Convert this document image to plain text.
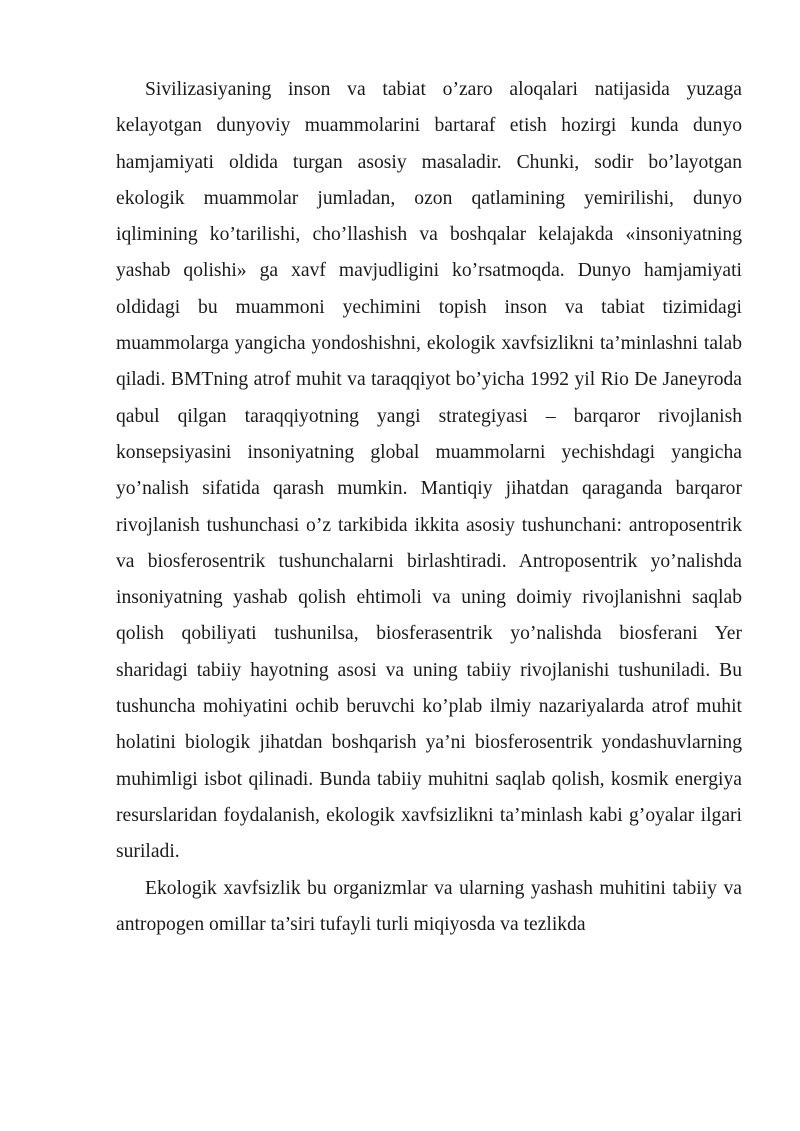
Sivilizasiyaning inson va tabiat o’zaro aloqalari natijasida yuzaga kelayotgan dunyoviy muammolarini bartaraf etish hozirgi kunda dunyo hamjamiyati oldida turgan asosiy masaladir. Chunki, sodir bo’layotgan ekologik muammolar jumladan, ozon qatlamining yemirilishi, dunyo iqlimining ko’tarilishi, cho’llashish va boshqalar kelajakda «insoniyatning yashab qolishi» ga xavf mavjudligini ko’rsatmoqda. Dunyo hamjamiyati oldidagi bu muammoni yechimini topish inson va tabiat tizimidagi muammolarga yangicha yondoshishni, ekologik xavfsizlikni ta’minlashni talab qiladi. BMTning atrof muhit va taraqqiyot bo’yicha 1992 yil Rio De Janeyroda qabul qilgan taraqqiyotning yangi strategiyasi – barqaror rivojlanish konsepsiyasini insoniyatning global muammolarni yechishdagi yangicha yo’nalish sifatida qarash mumkin. Mantiqiy jihatdan qaraganda barqaror rivojlanish tushunchasi o’z tarkibida ikkita asosiy tushunchani: antroposentrik va biosferosentrik tushunchalarni birlashtiradi. Antroposentrik yo’nalishda insoniyatning yashab qolish ehtimoli va uning doimiy rivojlanishni saqlab qolish qobiliyati tushunilsa, biosferasentrik yo’nalishda biosferani Yer sharidagi tabiiy hayotning asosi va uning tabiiy rivojlanishi tushuniladi. Bu tushuncha mohiyatini ochib beruvchi ko’plab ilmiy nazariyalarda atrof muhit holatini biologik jihatdan boshqarish ya’ni biosferosentrik yondashuvlarning muhimligi isbot qilinadi. Bunda tabiiy muhitni saqlab qolish, kosmik energiya resurslaridan foydalanish, ekologik xavfsizlikni ta’minlash kabi g’oyalar ilgari suriladi.

Ekologik xavfsizlik bu organizmlar va ularning yashash muhitini tabiiy va antropogen omillar ta’siri tufayli turli miqiyosda va tezlikda
